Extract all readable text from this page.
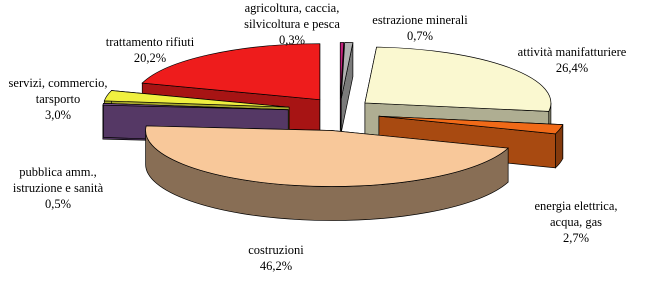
agricoltura, caccia,
silvicoltura e pesca
0,3%
estrazione minerali
0,7%
attività manifatturiere
26,4%
energia elettrica,
acqua, gas
2,7%
costruzioni
46,2%
pubblica amm.,
istruzione e sanità
0,5%
servizi, commercio,
tarsporto
3,0%
trattamento rifiuti
20,2%
